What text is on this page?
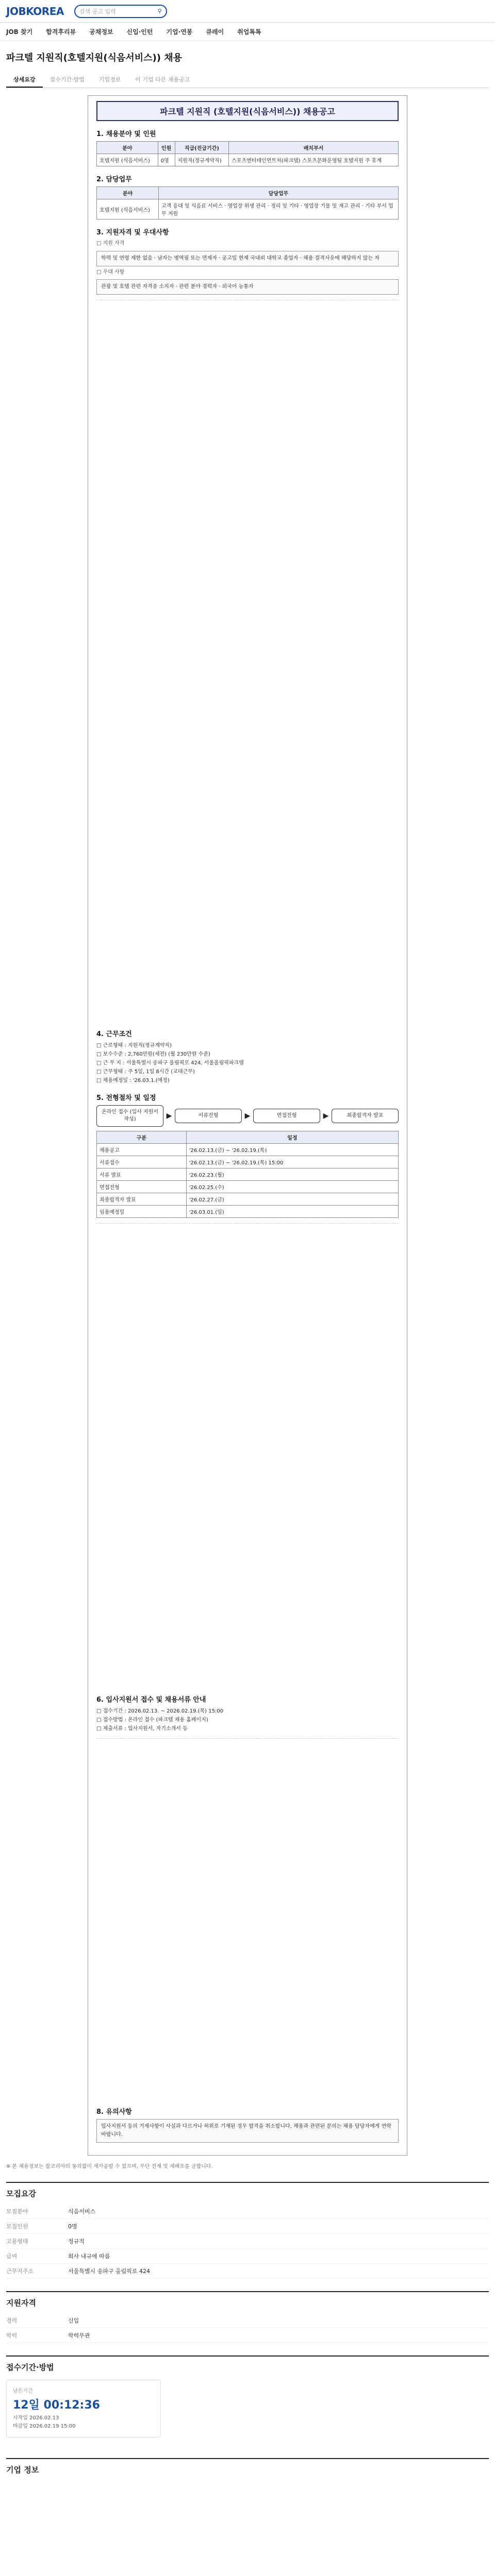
JOBKOREA	검색 공고 입력	⚲
JOB 찾기 합격후리뷰 공채정보 신입·인턴 기업·연봉 큐레이 취업톡톡
파크텔 지원직(호텔지원(식음서비스)) 채용
상세요강	접수기간·방법	기업정보	이 기업 다른 채용공고
파크텔 지원직 (호텔지원(식음서비스)) 채용공고
1. 채용분야 및 인원
분야	인원	직급(진급기간)	배치부서
호텔지원 (식음서비스)	0명	지원직(정규계약직)	스포츠엔터테인먼트처(파크텔) 스포츠문화운영팀 호텔지원 주 휴계
2. 담당업무
분야	담당업무
호텔지원 (식음서비스)	고객 응대 및 식음료 서비스 · 영업장 위생 관리 · 정리 및 기타 · 영업장 기물 및 재고 관리 · 기타 부서 업무 지원
3. 지원자격 및 우대사항
□ 지원 자격
학력 및 연령 제한 없음 · 남자는 병역필 또는 면제자 · 공고일 현재 국내외 대학교 졸업자 · 채용 결격사유에 해당하지 않는 자
□ 우대 사항
관광 및 호텔 관련 자격증 소지자 · 관련 분야 경력자 · 외국어 능통자
4. 근무조건
□ 근로형태 : 지원직(정규계약직)
□ 보수수준 : 2,760만원(세전) (월 230만원 수준)
□ 근 무 지 : 서울특별시 송파구 올림픽로 424, 서울올림픽파크텔
□ 근무형태 : 주 5일, 1일 8시간 (교대근무)
□ 채용예정일 : '26.03.1.(예정)
5. 전형절차 및 일정
온라인 접수 (입사 지원서 작성)	▶	서류전형	▶	면접전형	▶	최종합격자 발표
구분	일정
채용공고	'26.02.13.(금) ~ '26.02.19.(목)
서류접수	'26.02.13.(금) ~ '26.02.19.(목) 15:00
서류 발표	'26.02.23.(월)
면접전형	'26.02.25.(수)
최종합격자 발표	'26.02.27.(금)
임용예정일	'26.03.01.(일)
6. 입사지원서 접수 및 채용서류 안내
□ 접수기간 : 2026.02.13. ~ 2026.02.19.(목) 15:00
□ 접수방법 : 온라인 접수 (파크텔 채용 홈페이지)
□ 제출서류 : 입사지원서, 자기소개서 등
8. 유의사항
입사지원서 등의 기재사항이 사실과 다르거나 허위로 기재된 경우 합격을 취소합니다. 채용과 관련된 문의는 채용 담당자에게 연락 바랍니다.
※ 본 채용정보는 잡코리아의 동의없이 재가공할 수 없으며, 무단 전재 및 재배포를 금합니다.
모집요강
모집분야	식음서비스
모집인원	0명
고용형태	정규직
급여	회사 내규에 따름
근무지주소	서울특별시 송파구 올림픽로 424
지원자격
경력	신입
학력	학력무관
접수기간·방법
남은기간
12일 00:12:36
시작일 2026.02.13
마감일 2026.02.19 15:00
기업 정보
